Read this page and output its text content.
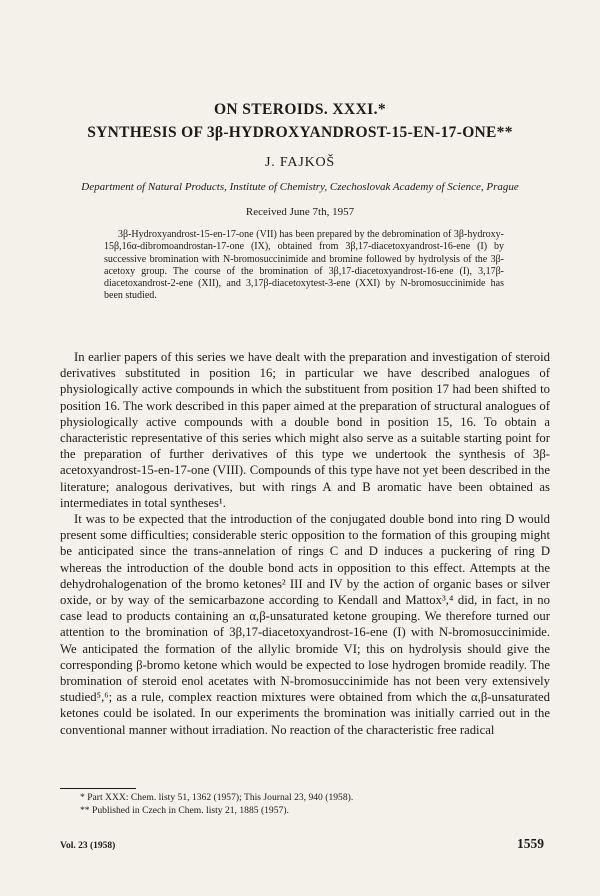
ON STEROIDS. XXXI.*
SYNTHESIS OF 3β-HYDROXYANDROST-15-EN-17-ONE**
J. FAJKOŠ
Department of Natural Products, Institute of Chemistry, Czechoslovak Academy of Science, Prague
Received June 7th, 1957

3β-Hydroxyandrost-15-en-17-one (VII) has been prepared by the debromination of 3β-hydroxy-15β,16α-dibromoandrostan-17-one (IX), obtained from 3β,17-diacetoxyandrost-16-ene (I) by successive bromination with N-bromosuccinimide and bromine followed by hydrolysis of the 3β-acetoxy group. The course of the bromination of 3β,17-diacetoxyandrost-16-ene (I), 3,17β-diacetoxandrost-2-ene (XII), and 3,17β-diacetoxytest-3-ene (XXI) by N-bromosuccinimide has been studied.

In earlier papers of this series we have dealt with the preparation and investigation of steroid derivatives substituted in position 16; in particular we have described analogues of physiologically active compounds in which the substituent from position 17 had been shifted to position 16. The work described in this paper aimed at the preparation of structural analogues of physiologically active compounds with a double bond in position 15, 16. To obtain a characteristic representative of this series which might also serve as a suitable starting point for the preparation of further derivatives of this type we undertook the synthesis of 3β-acetoxyandrost-15-en-17-one (VIII). Compounds of this type have not yet been described in the literature; analogous derivatives, but with rings A and B aromatic have been obtained as intermediates in total syntheses¹.

It was to be expected that the introduction of the conjugated double bond into ring D would present some difficulties; considerable steric opposition to the formation of this grouping might be anticipated since the trans-annelation of rings C and D induces a puckering of ring D whereas the introduction of the double bond acts in opposition to this effect. Attempts at the dehydrohalogenation of the bromo ketones² III and IV by the action of organic bases or silver oxide, or by way of the semicarbazone according to Kendall and Mattox³,⁴ did, in fact, in no case lead to products containing an α,β-unsaturated ketone grouping. We therefore turned our attention to the bromination of 3β,17-diacetoxyandrost-16-ene (I) with N-bromosuccinimide. We anticipated the formation of the allylic bromide VI; this on hydrolysis should give the corresponding β-bromo ketone which would be expected to lose hydrogen bromide readily. The bromination of steroid enol acetates with N-bromosuccinimide has not been very extensively studied⁵,⁶; as a rule, complex reaction mixtures were obtained from which the α,β-unsaturated ketones could be isolated. In our experiments the bromination was initially carried out in the conventional manner without irradiation. No reaction of the characteristic free radical

* Part XXX: Chem. listy 51, 1362 (1957); This Journal 23, 940 (1958).
** Published in Czech in Chem. listy 21, 1885 (1957).
Vol. 23 (1958)	1559
